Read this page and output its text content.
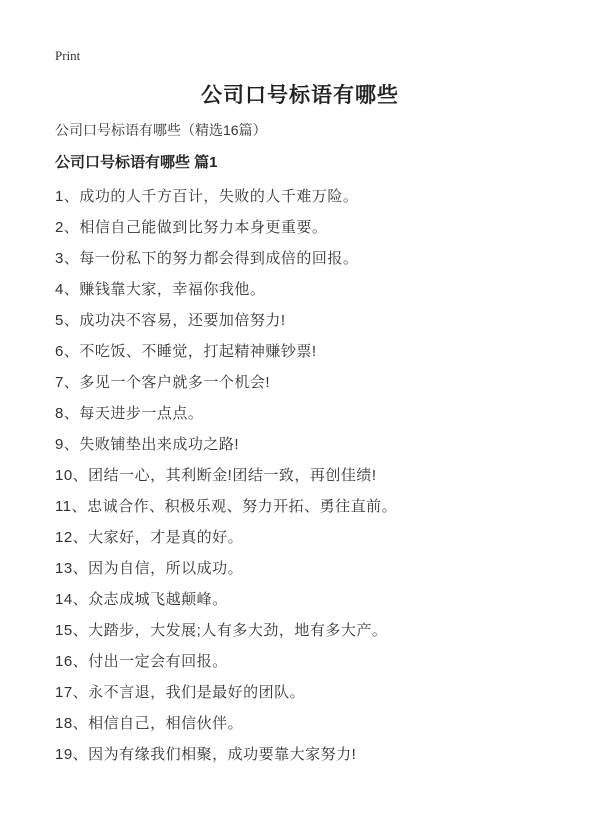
Print
公司口号标语有哪些
公司口号标语有哪些（精选16篇）
公司口号标语有哪些 篇1

1、成功的人千方百计，失败的人千难万险。

2、相信自己能做到比努力本身更重要。

3、每一份私下的努力都会得到成倍的回报。

4、赚钱靠大家，幸福你我他。

5、成功决不容易，还要加倍努力!

6、不吃饭、不睡觉，打起精神赚钞票!

7、多见一个客户就多一个机会!

8、每天进步一点点。

9、失败铺垫出来成功之路!

10、团结一心，其利断金!团结一致，再创佳绩!

11、忠诚合作、积极乐观、努力开拓、勇往直前。

12、大家好，才是真的好。

13、因为自信，所以成功。

14、众志成城飞越颠峰。

15、大踏步，大发展;人有多大劲，地有多大产。

16、付出一定会有回报。

17、永不言退，我们是最好的团队。

18、相信自己，相信伙伴。

19、因为有缘我们相聚，成功要靠大家努力!
